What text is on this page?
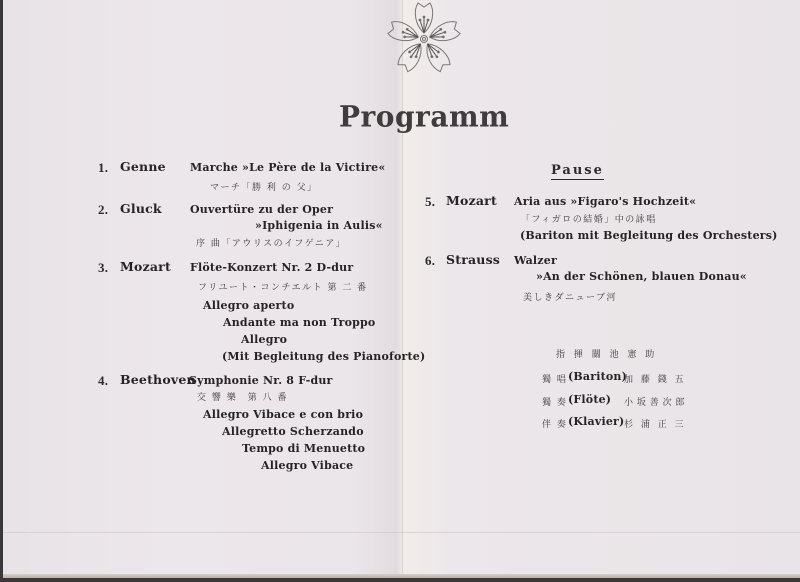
Programm
1. Genne Marche »Le Père de la Victire«
マーチ「勝 利 の 父」
2. Gluck	Ouvertüre zu der Oper
»Iphigenia in Aulis«
序 曲「アウリスのイフゲニア」
3. Mozart Flöte-Konzert Nr. 2 D-dur
フリユート・コンチエルト 第 二 番
Allegro aperto
Andante ma non Troppo
Allegro
(Mit Begleitung des Pianoforte)
4. Beethoven
Symphonie Nr. 8 F-dur
交 響 樂　第 八 番
Allegro Vibace e con brio
Allegretto Scherzando
Tempo di Menuetto
Allegro Vibace
Pause
5. Mozart Aria aus »Figaro's Hochzeit«
「フィガロの結婚」中の詠唱
(Bariton mit Begleitung des Orchesters)
6. Strauss Walzer
»An der Schönen, blauen Donau«
美しきダニューブ河
指 揮 關 池 憲 助
獨 唱 (Bariton)
加 藤 錢 五
獨 奏 (Flöte) 小 坂 善 次 郎
伴 奏 (Klavier) 杉 浦 正 三
